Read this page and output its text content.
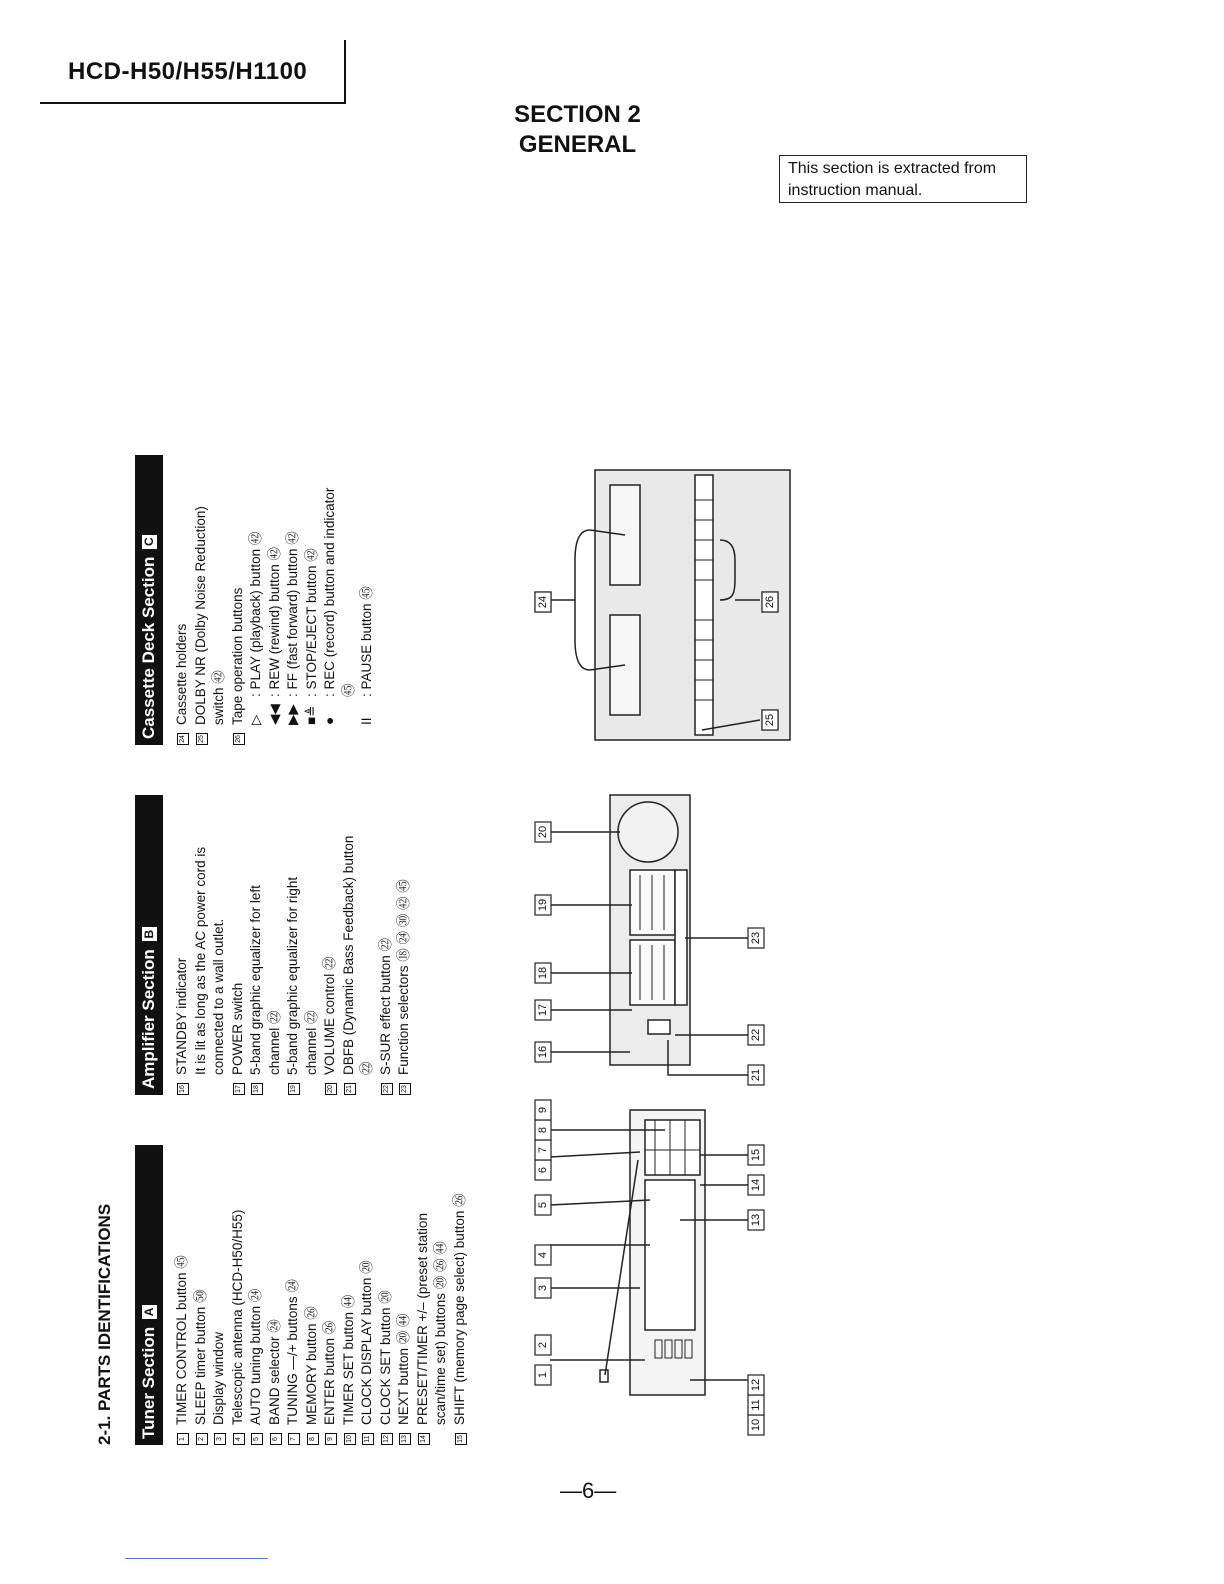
HCD-H50/H55/H1100
SECTION 2
GENERAL
This section is extracted from instruction manual.
2-1. PARTS IDENTIFICATIONS Tuner SectionA
1
TIMER CONTROL button ㊺
2
SLEEP timer button ㊿
3
Display window
4
Telescopic antenna (HCD-H50/H55)
5
AUTO tuning button ㉔
6
BAND selector ㉔
7
TUNING —/+ buttons ㉔
8
MEMORY button ㉖
9
ENTER button ㉖
10
TIMER SET button ㊹
11
CLOCK DISPLAY button ⑳
12
CLOCK SET button ⑳
13
NEXT button ⑳ ㊹
14
PRESET/TIMER +/– (preset station scan/time set) buttons ⑳ ㉖ ㊹
15
SHIFT (memory page select) button ㉖
Amplifier SectionB
16
STANDBY indicator It is lit as long as the AC power cord is connected to a wall outlet.
17
POWER switch
18
5-band graphic equalizer for left channel ㉒
19
5-band graphic equalizer for right channel ㉒
20
VOLUME control ㉒
21
DBFB (Dynamic Bass Feedback) button ㉒
22
S-SUR effect button ㉒
23
Function selectors ⑱ ㉔ ㉚ ㊷ ㊺
Cassette Deck SectionC
24
Cassette holders
25
DOLBY NR (Dolby Noise Reduction) switch ㊷
26
Tape operation buttons ▷
: PLAY (playback) button ㊷
◀◀
: REW (rewind) button ㊷
▶▶
: FF (fast forward) button ㊷
■≜
: STOP/EJECT button ㊷
●
: REC (record) button and indicator ㊺
II
: PAUSE button ㊺
1
2
3
4
5
6
7
8
9
10
11
12
13
14
15
16
17
18
19
20
21
22
23
24
25
26
—6—
